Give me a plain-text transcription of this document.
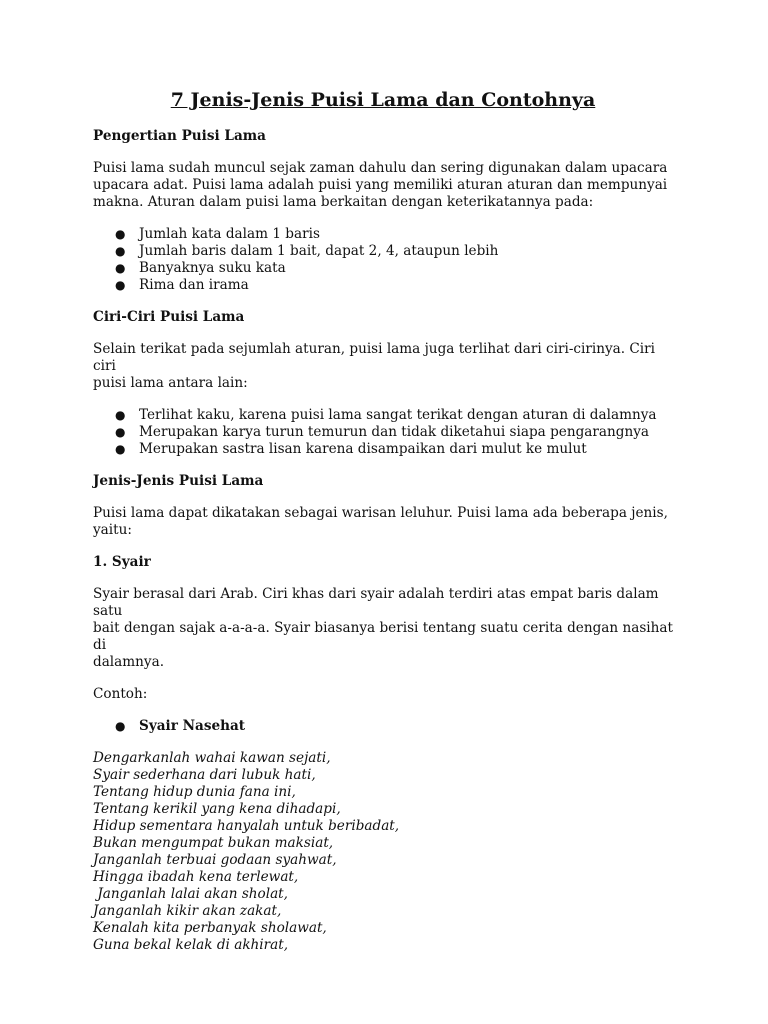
7 Jenis-Jenis Puisi Lama dan Contohnya

Pengertian Puisi Lama

Puisi lama sudah muncul sejak zaman dahulu dan sering digunakan dalam upacara

upacara adat. Puisi lama adalah puisi yang memiliki aturan aturan dan mempunyai

makna. Aturan dalam puisi lama berkaitan dengan keterikatannya pada:

● Jumlah kata dalam 1 baris
● Jumlah baris dalam 1 bait, dapat 2, 4, ataupun lebih
● Banyaknya suku kata
● Rima dan irama

Ciri-Ciri Puisi Lama

Selain terikat pada sejumlah aturan, puisi lama juga terlihat dari ciri-cirinya. Ciri ciri

puisi lama antara lain:

● Terlihat kaku, karena puisi lama sangat terikat dengan aturan di dalamnya
● Merupakan karya turun temurun dan tidak diketahui siapa pengarangnya
● Merupakan sastra lisan karena disampaikan dari mulut ke mulut

Jenis-Jenis Puisi Lama

Puisi lama dapat dikatakan sebagai warisan leluhur. Puisi lama ada beberapa jenis,

yaitu:

1. Syair

Syair berasal dari Arab. Ciri khas dari syair adalah terdiri atas empat baris dalam satu

bait dengan sajak a-a-a-a. Syair biasanya berisi tentang suatu cerita dengan nasihat di

dalamnya.

Contoh:

● Syair Nasehat

Dengarkanlah wahai kawan sejati,

Syair sederhana dari lubuk hati,

Tentang hidup dunia fana ini,

Tentang kerikil yang kena dihadapi,

Hidup sementara hanyalah untuk beribadat,

Bukan mengumpat bukan maksiat,

Janganlah terbuai godaan syahwat,

Hingga ibadah kena terlewat,

Janganlah lalai akan sholat,

Janganlah kikir akan zakat,

Kenalah kita perbanyak sholawat,

Guna bekal kelak di akhirat,
